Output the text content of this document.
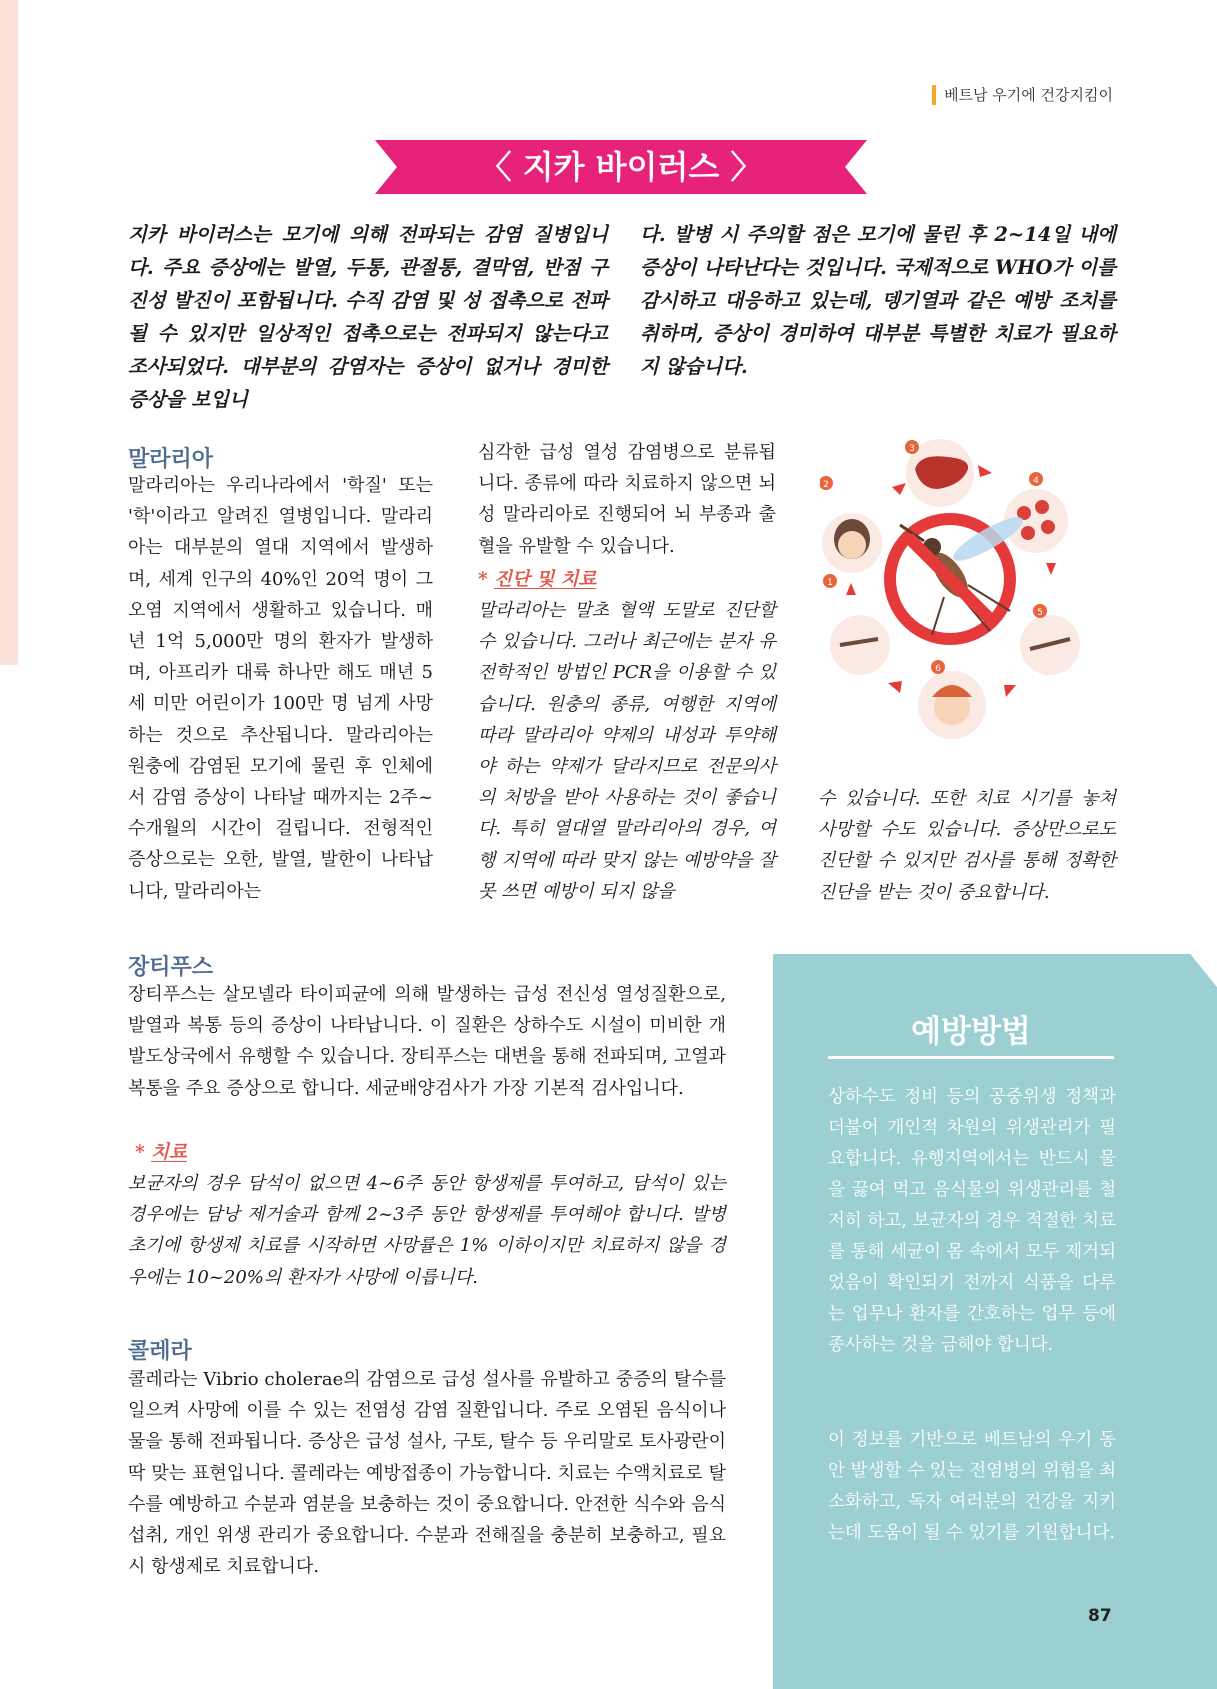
베트남 우기에 건강지킴이
〈 지카 바이러스 〉

지카 바이러스는 모기에 의해 전파되는 감염 질병입니다. 주요 증상에는 발열, 두통, 관절통, 결막염, 반점 구진성 발진이 포함됩니다. 수직 감염 및 성 접촉으로 전파될 수 있지만 일상적인 접촉으로는 전파되지 않는다고 조사되었다. 대부분의 감염자는 증상이 없거나 경미한 증상을 보입니

다. 발병 시 주의할 점은 모기에 물린 후 2~14일 내에 증상이 나타난다는 것입니다. 국제적으로 WHO가 이를 감시하고 대응하고 있는데, 뎅기열과 같은 예방 조치를 취하며, 증상이 경미하여 대부분 특별한 치료가 필요하지 않습니다.

말라리아

말라리아는 우리나라에서 '학질' 또는 '학'이라고 알려진 열병입니다. 말라리아는 대부분의 열대 지역에서 발생하며, 세계 인구의 40%인 20억 명이 그 오염 지역에서 생활하고 있습니다. 매년 1억 5,000만 명의 환자가 발생하며, 아프리카 대륙 하나만 해도 매년 5세 미만 어린이가 100만 명 넘게 사망하는 것으로 추산됩니다. 말라리아는 원충에 감염된 모기에 물린 후 인체에서 감염 증상이 나타날 때까지는 2주~수개월의 시간이 걸립니다. 전형적인 증상으로는 오한, 발열, 발한이 나타납니다, 말라리아는

심각한 급성 열성 감염병으로 분류됩니다. 종류에 따라 치료하지 않으면 뇌성 말라리아로 진행되어 뇌 부종과 출혈을 유발할 수 있습니다.

* 진단 및 치료

말라리아는 말초 혈액 도말로 진단할 수 있습니다. 그러나 최근에는 분자 유전학적인 방법인 PCR을 이용할 수 있습니다. 원충의 종류, 여행한 지역에 따라 말라리아 약제의 내성과 투약해야 하는 약제가 달라지므로 전문의사의 처방을 받아 사용하는 것이 좋습니다. 특히 열대열 말라리아의 경우, 여행 지역에 따라 맞지 않는 예방약을 잘못 쓰면 예방이 되지 않을

수 있습니다. 또한 치료 시기를 놓쳐 사망할 수도 있습니다. 증상만으로도 진단할 수 있지만 검사를 통해 정확한 진단을 받는 것이 중요합니다.

1
2
3
4
5
6
장티푸스

장티푸스는 살모넬라 타이피균에 의해 발생하는 급성 전신성 열성질환으로, 발열과 복통 등의 증상이 나타납니다. 이 질환은 상하수도 시설이 미비한 개발도상국에서 유행할 수 있습니다. 장티푸스는 대변을 통해 전파되며, 고열과 복통을 주요 증상으로 합니다. 세균배양검사가 가장 기본적 검사입니다.

* 치료

보균자의 경우 담석이 없으면 4~6주 동안 항생제를 투여하고, 담석이 있는 경우에는 담낭 제거술과 함께 2~3주 동안 항생제를 투여해야 합니다. 발병 초기에 항생제 치료를 시작하면 사망률은 1% 이하이지만 치료하지 않을 경우에는 10~20%의 환자가 사망에 이릅니다.

콜레라

콜레라는 Vibrio cholerae의 감염으로 급성 설사를 유발하고 중증의 탈수를 일으켜 사망에 이를 수 있는 전염성 감염 질환입니다. 주로 오염된 음식이나 물을 통해 전파됩니다. 증상은 급성 설사, 구토, 탈수 등 우리말로 토사광란이 딱 맞는 표현입니다. 콜레라는 예방접종이 가능합니다. 치료는 수액치료로 탈수를 예방하고 수분과 염분을 보충하는 것이 중요합니다. 안전한 식수와 음식 섭취, 개인 위생 관리가 중요합니다. 수분과 전해질을 충분히 보충하고, 필요시 항생제로 치료합니다.

예방방법

상하수도 정비 등의 공중위생 정책과 더불어 개인적 차원의 위생관리가 필요합니다. 유행지역에서는 반드시 물을 끓여 먹고 음식물의 위생관리를 철저히 하고, 보균자의 경우 적절한 치료를 통해 세균이 몸 속에서 모두 제거되었음이 확인되기 전까지 식품을 다루는 업무나 환자를 간호하는 업무 등에 종사하는 것을 금해야 합니다.

이 정보를 기반으로 베트남의 우기 동안 발생할 수 있는 전염병의 위험을 최소화하고, 독자 여러분의 건강을 지키는데 도움이 될 수 있기를 기원합니다.

87
